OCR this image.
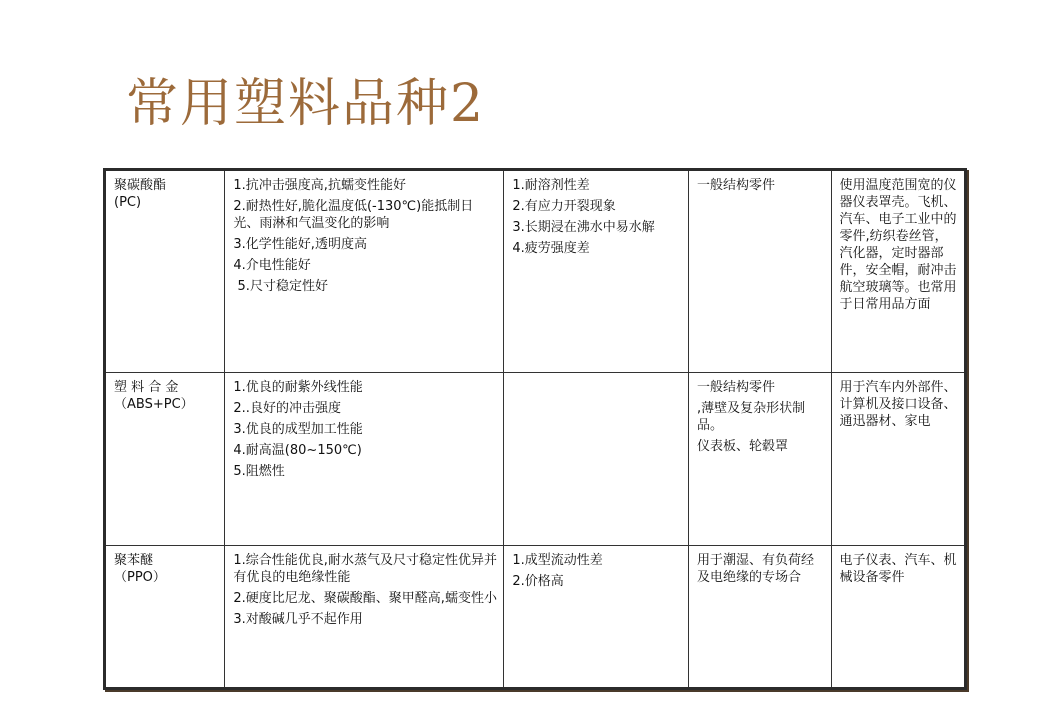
常用塑料品种2
聚碳酸酯
(PC)	1.抗冲击强度高,抗蠕变性能好
2.耐热性好,脆化温度低(-130℃)能抵制日光、雨淋和气温变化的影响
3.化学性能好,透明度高
4.介电性能好
5.尺寸稳定性好	1.耐溶剂性差
2.有应力开裂现象
3.长期浸在沸水中易水解
4.疲劳强度差	一般结构零件	使用温度范围宽的仪器仪表罩壳。飞机、汽车、电子工业中的零件,纺织卷丝管，汽化器，定时器部件，安全帽，耐冲击航空玻璃等。也常用于日常用品方面

塑 料 合 金
（ABS+PC）	1.优良的耐紫外线性能
2..良好的冲击强度
3.优良的成型加工性能
4.耐高温(80~150℃)
5.阻燃性		一般结构零件
,薄壁及复杂形状制品。
仪表板、轮毂罩	用于汽车内外部件、计算机及接口设备、通迅器材、家电

聚苯醚
（PPO）	1.综合性能优良,耐水蒸气及尺寸稳定性优异并有优良的电绝缘性能
2.硬度比尼龙、聚碳酸酯、聚甲醛高,蠕变性小
3.对酸碱几乎不起作用	1.成型流动性差
2.价格高	用于潮湿、有负荷经及电绝缘的专场合	电子仪表、汽车、机械设备零件
